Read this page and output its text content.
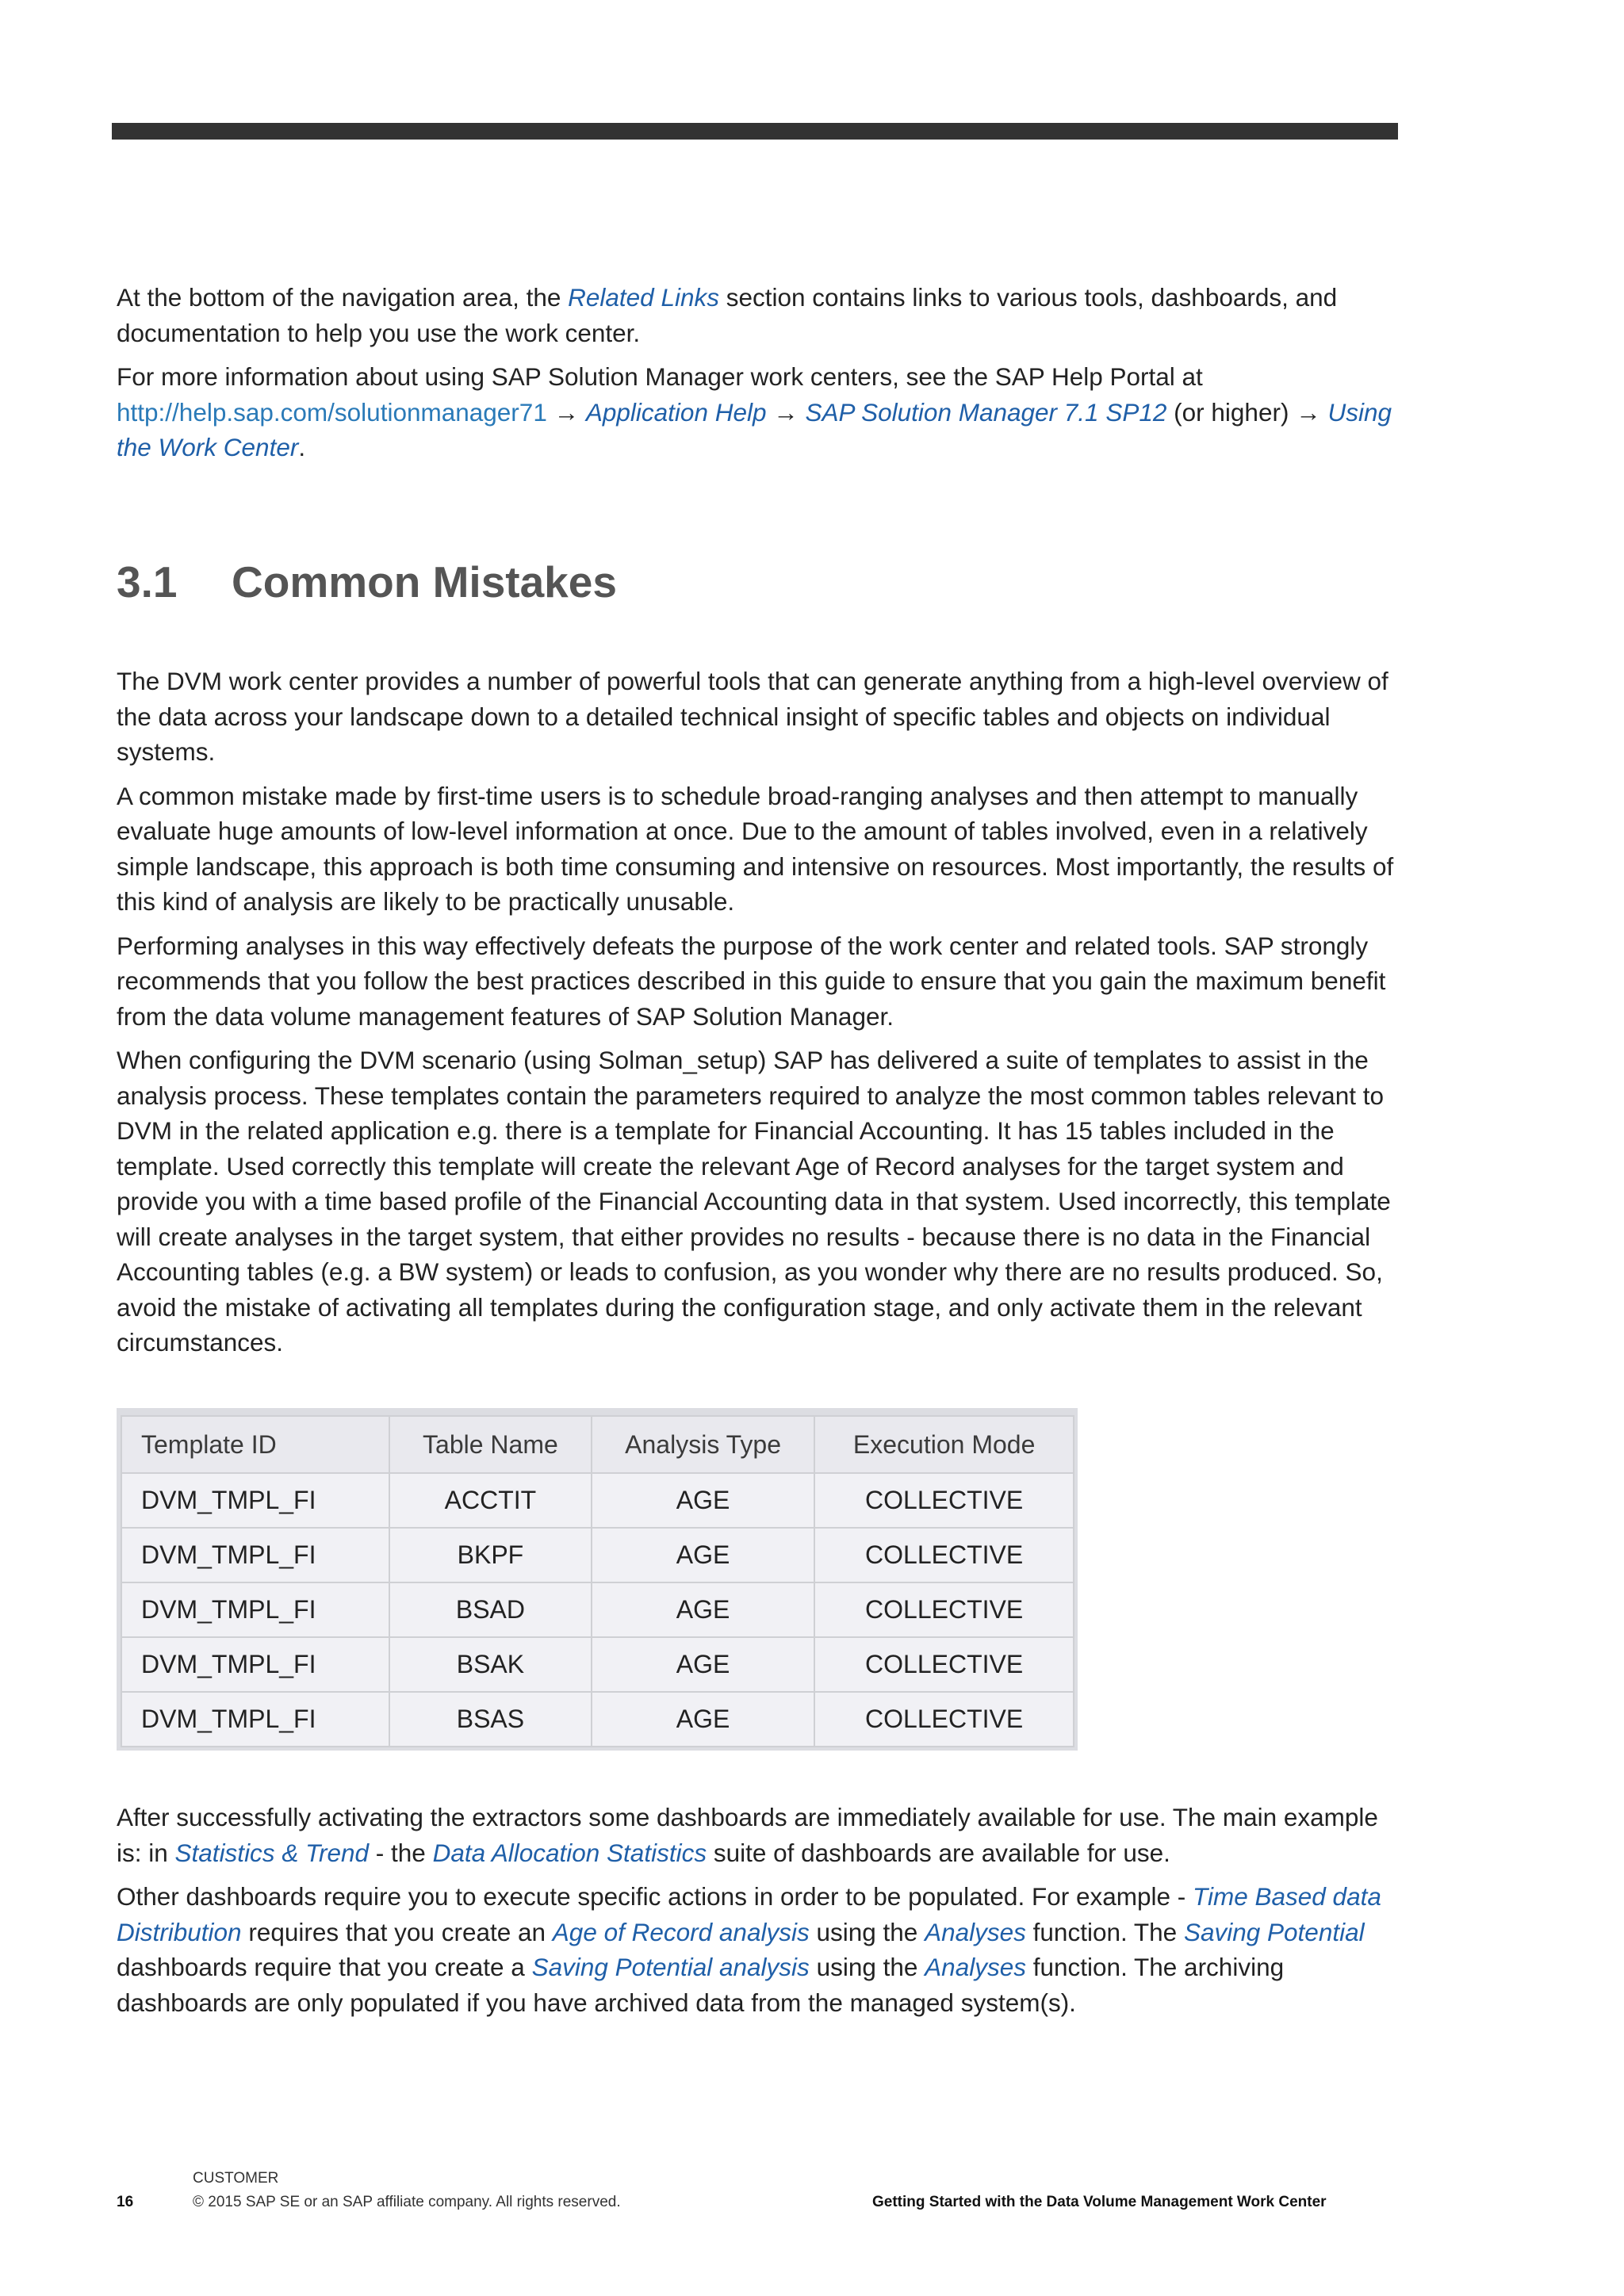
At the bottom of the navigation area, the Related Links section contains links to various tools, dashboards, and documentation to help you use the work center.

For more information about using SAP Solution Manager work centers, see the SAP Help Portal at http://help.sap.com/solutionmanager71 → Application Help → SAP Solution Manager 7.1 SP12 (or higher) → Using the Work Center.

3.1 Common Mistakes

The DVM work center provides a number of powerful tools that can generate anything from a high-level overview of the data across your landscape down to a detailed technical insight of specific tables and objects on individual systems.

A common mistake made by first-time users is to schedule broad-ranging analyses and then attempt to manually evaluate huge amounts of low-level information at once. Due to the amount of tables involved, even in a relatively simple landscape, this approach is both time consuming and intensive on resources. Most importantly, the results of this kind of analysis are likely to be practically unusable.

Performing analyses in this way effectively defeats the purpose of the work center and related tools. SAP strongly recommends that you follow the best practices described in this guide to ensure that you gain the maximum benefit from the data volume management features of SAP Solution Manager.

When configuring the DVM scenario (using Solman_setup) SAP has delivered a suite of templates to assist in the analysis process. These templates contain the parameters required to analyze the most common tables relevant to DVM in the related application e.g. there is a template for Financial Accounting. It has 15 tables included in the template. Used correctly this template will create the relevant Age of Record analyses for the target system and provide you with a time based profile of the Financial Accounting data in that system. Used incorrectly, this template will create analyses in the target system, that either provides no results - because there is no data in the Financial Accounting tables (e.g. a BW system) or leads to confusion, as you wonder why there are no results produced. So, avoid the mistake of activating all templates during the configuration stage, and only activate them in the relevant circumstances.

Template ID	Table Name	Analysis Type	Execution Mode
DVM_TMPL_FI	ACCTIT	AGE	COLLECTIVE
DVM_TMPL_FI	BKPF	AGE	COLLECTIVE
DVM_TMPL_FI	BSAD	AGE	COLLECTIVE
DVM_TMPL_FI	BSAK	AGE	COLLECTIVE
DVM_TMPL_FI	BSAS	AGE	COLLECTIVE

After successfully activating the extractors some dashboards are immediately available for use. The main example is: in Statistics & Trend - the Data Allocation Statistics suite of dashboards are available for use.

Other dashboards require you to execute specific actions in order to be populated. For example - Time Based data Distribution requires that you create an Age of Record analysis using the Analyses function. The Saving Potential dashboards require that you create a Saving Potential analysis using the Analyses function. The archiving dashboards are only populated if you have archived data from the managed system(s).

16
CUSTOMER
© 2015 SAP SE or an SAP affiliate company. All rights reserved.	Getting Started with the Data Volume Management Work Center
